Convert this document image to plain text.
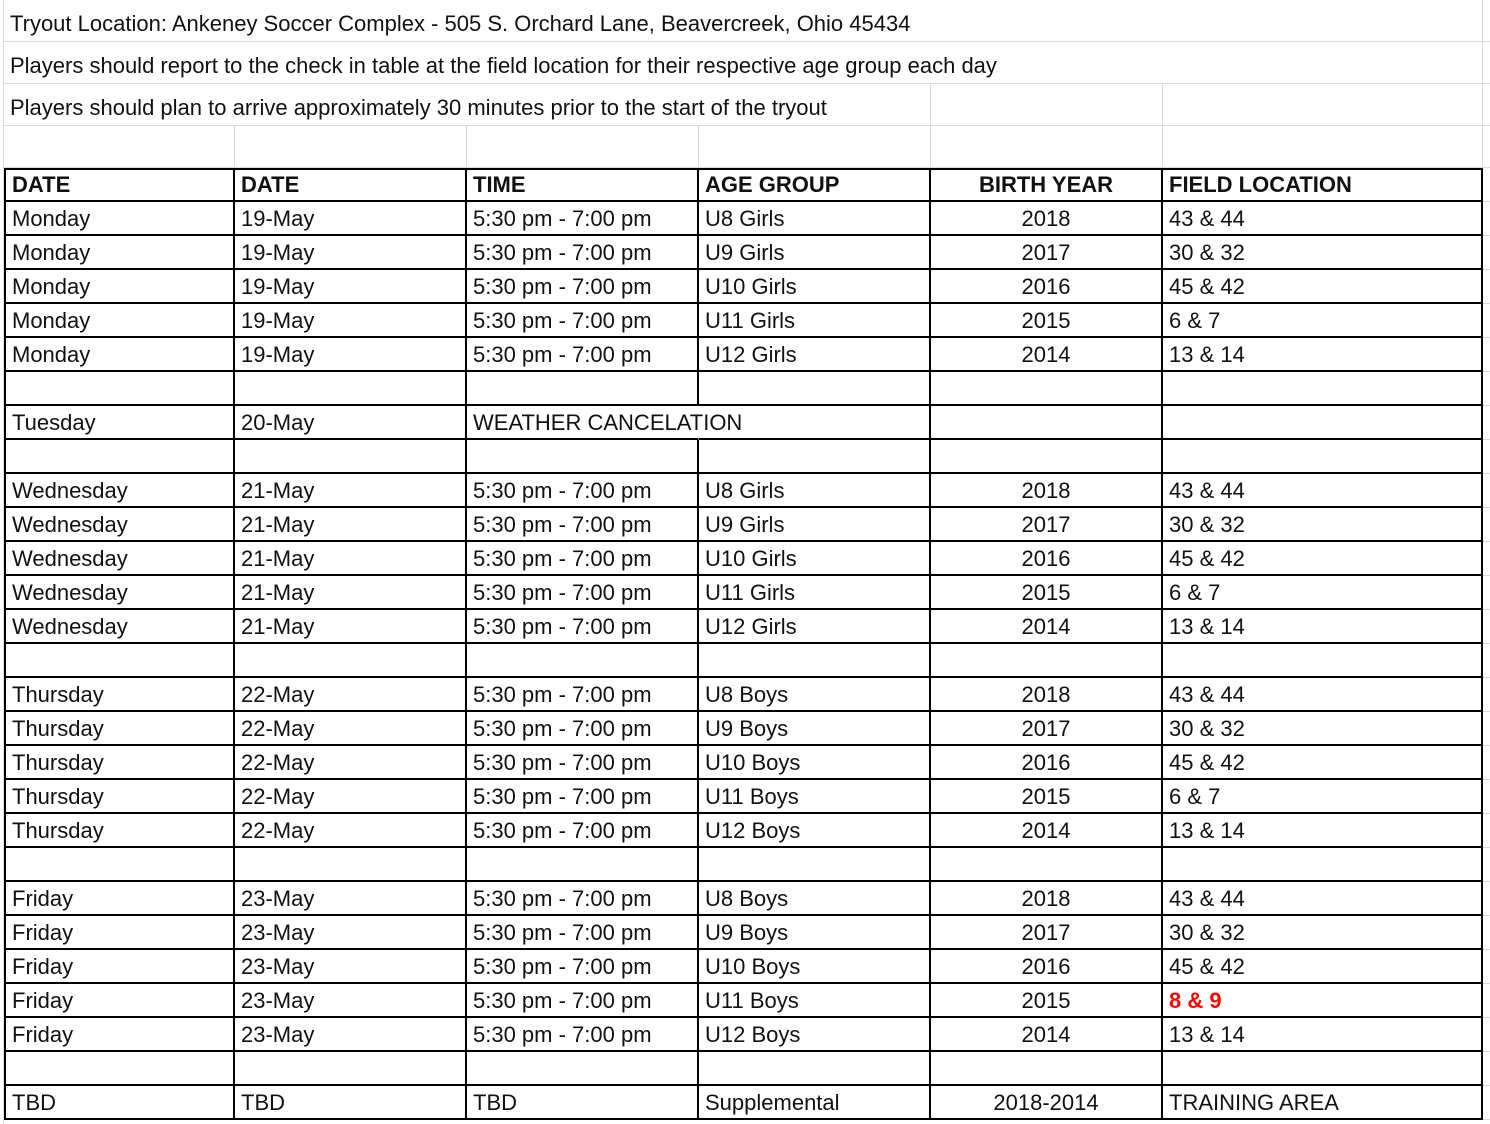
Tryout Location: Ankeney Soccer Complex - 505 S. Orchard Lane, Beavercreek, Ohio 45434
Players should report to the check in table at the field location for their respective age group each day
Players should plan to arrive approximately 30 minutes prior to the start of the tryout
DATE	DATE	TIME	AGE GROUP	BIRTH YEAR	FIELD LOCATION
Monday	19-May	5:30 pm - 7:00 pm	U8 Girls	2018	43 & 44
Monday	19-May	5:30 pm - 7:00 pm	U9 Girls	2017	30 & 32
Monday	19-May	5:30 pm - 7:00 pm	U10 Girls	2016	45 & 42
Monday	19-May	5:30 pm - 7:00 pm	U11 Girls	2015	6 & 7
Monday	19-May	5:30 pm - 7:00 pm	U12 Girls	2014	13 & 14
Tuesday	20-May	WEATHER CANCELATION
Wednesday	21-May	5:30 pm - 7:00 pm	U8 Girls	2018	43 & 44
Wednesday	21-May	5:30 pm - 7:00 pm	U9 Girls	2017	30 & 32
Wednesday	21-May	5:30 pm - 7:00 pm	U10 Girls	2016	45 & 42
Wednesday	21-May	5:30 pm - 7:00 pm	U11 Girls	2015	6 & 7
Wednesday	21-May	5:30 pm - 7:00 pm	U12 Girls	2014	13 & 14
Thursday	22-May	5:30 pm - 7:00 pm	U8 Boys	2018	43 & 44
Thursday	22-May	5:30 pm - 7:00 pm	U9 Boys	2017	30 & 32
Thursday	22-May	5:30 pm - 7:00 pm	U10 Boys	2016	45 & 42
Thursday	22-May	5:30 pm - 7:00 pm	U11 Boys	2015	6 & 7
Thursday	22-May	5:30 pm - 7:00 pm	U12 Boys	2014	13 & 14
Friday	23-May	5:30 pm - 7:00 pm	U8 Boys	2018	43 & 44
Friday	23-May	5:30 pm - 7:00 pm	U9 Boys	2017	30 & 32
Friday	23-May	5:30 pm - 7:00 pm	U10 Boys	2016	45 & 42
Friday	23-May	5:30 pm - 7:00 pm	U11 Boys	2015	8 & 9
Friday	23-May	5:30 pm - 7:00 pm	U12 Boys	2014	13 & 14
TBD	TBD	TBD	Supplemental	2018-2014	TRAINING AREA
